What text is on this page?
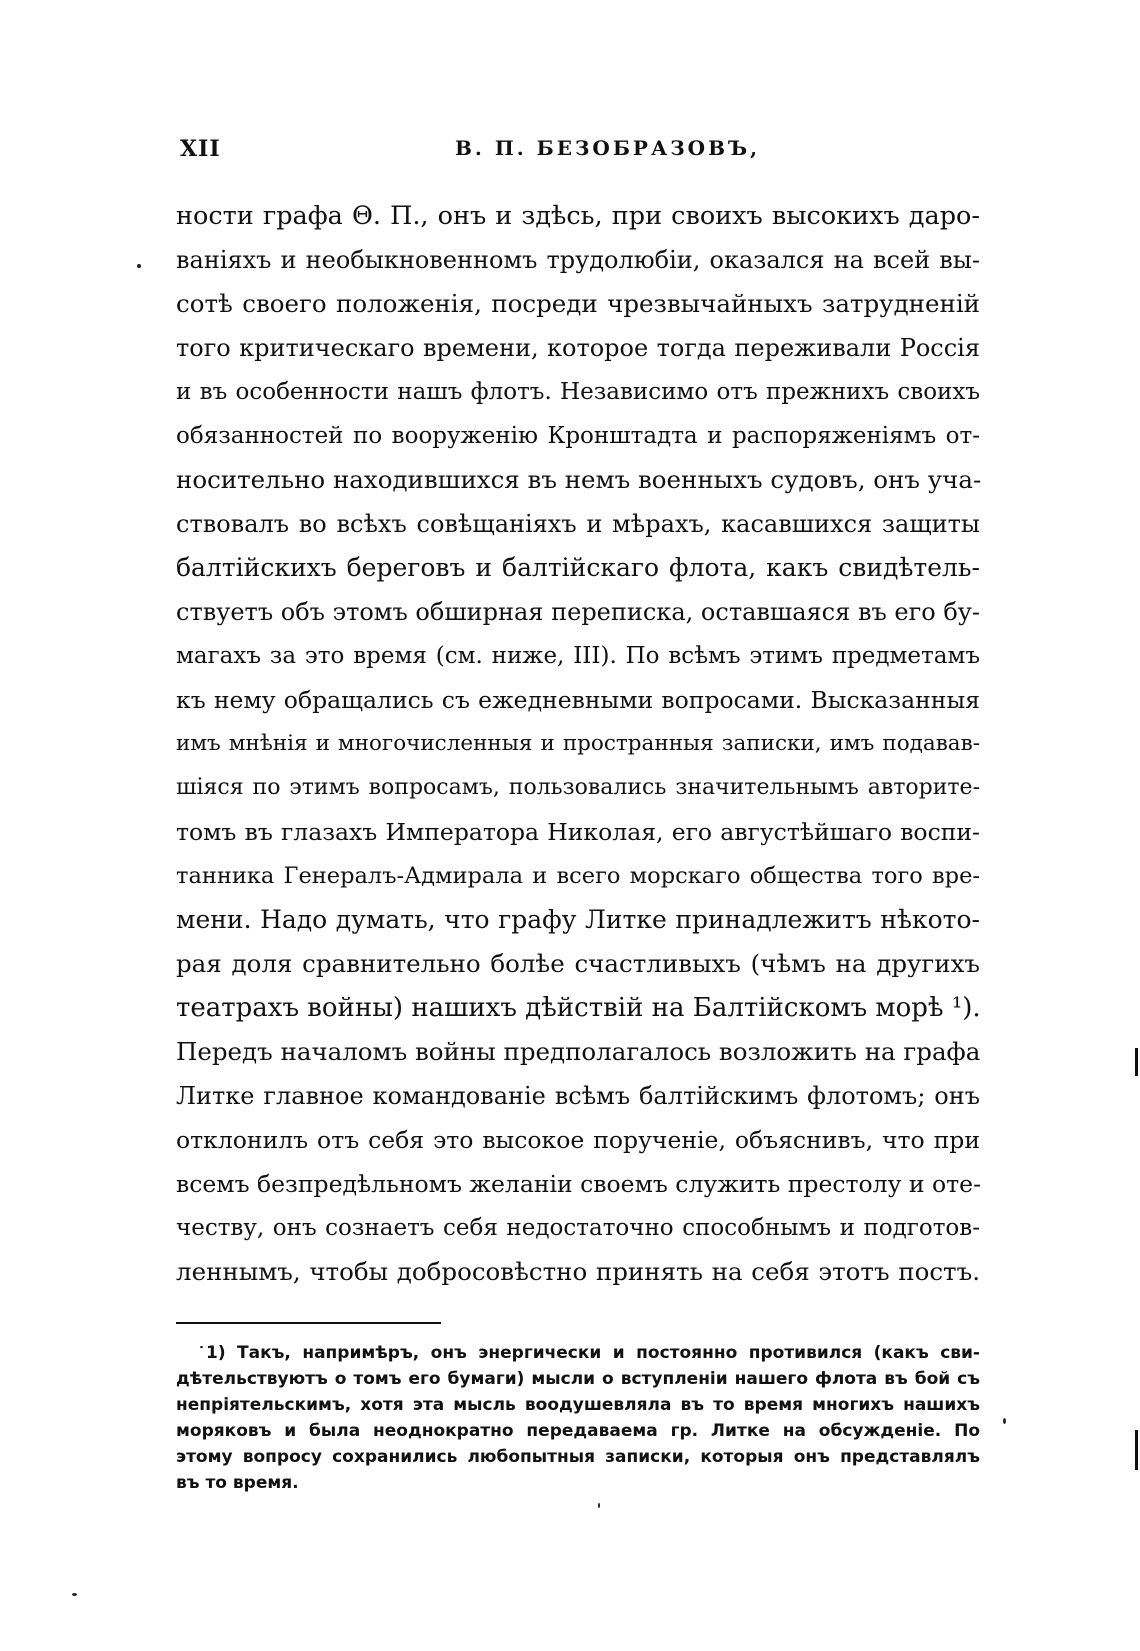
XII	В. П. БЕЗОБРАЗОВЪ,
ности графа Θ. П., онъ и здѣсь, при своихъ высокихъ даро-
ваніяхъ и необыкновенномъ трудолюбіи, оказался на всей вы-
сотѣ своего положенія, посреди чрезвычайныхъ затрудненій
того критическаго времени, которое тогда переживали Россія
и въ особенности нашъ флотъ. Независимо отъ прежнихъ своихъ
обязанностей по вооруженію Кронштадта и распоряженіямъ от-
носительно находившихся въ немъ военныхъ судовъ, онъ уча-
ствовалъ во всѣхъ совѣщаніяхъ и мѣрахъ, касавшихся защиты
балтійскихъ береговъ и балтійскаго флота, какъ свидѣтель-
ствуетъ объ этомъ обширная переписка, оставшаяся въ его бу-
магахъ за это время (см. ниже, III). По всѣмъ этимъ предметамъ
къ нему обращались съ ежедневными вопросами. Высказанныя
имъ мнѣнія и многочисленныя и пространныя записки, имъ подавав-
шіяся по этимъ вопросамъ, пользовались значительнымъ авторите-
томъ въ глазахъ Императора Николая, его августѣйшаго воспи-
танника Генералъ-Адмирала и всего морскаго общества того вре-
мени. Надо думать, что графу Литке принадлежитъ нѣкото-
рая доля сравнительно болѣе счастливыхъ (чѣмъ на другихъ
театрахъ войны) нашихъ дѣйствій на Балтійскомъ морѣ ¹).
Передъ началомъ войны предполагалось возложить на графа
Литке главное командованіе всѣмъ балтійскимъ флотомъ; онъ
отклонилъ отъ себя это высокое порученіе, объяснивъ, что при
всемъ безпредѣльномъ желаніи своемъ служить престолу и оте-
честву, онъ сознаетъ себя недостаточно способнымъ и подготов-
леннымъ, чтобы добросовѣстно принять на себя этотъ постъ.
1) Такъ, напримѣръ, онъ энергически и постоянно противился (какъ сви-
дѣтельствуютъ о томъ его бумаги) мысли о вступленіи нашего флота въ бой съ
непріятельскимъ, хотя эта мысль воодушевляла въ то время многихъ нашихъ
моряковъ и была неоднократно передаваема гр. Литке на обсужденіе. По
этому вопросу сохранились любопытныя записки, которыя онъ представлялъ
въ то время.
